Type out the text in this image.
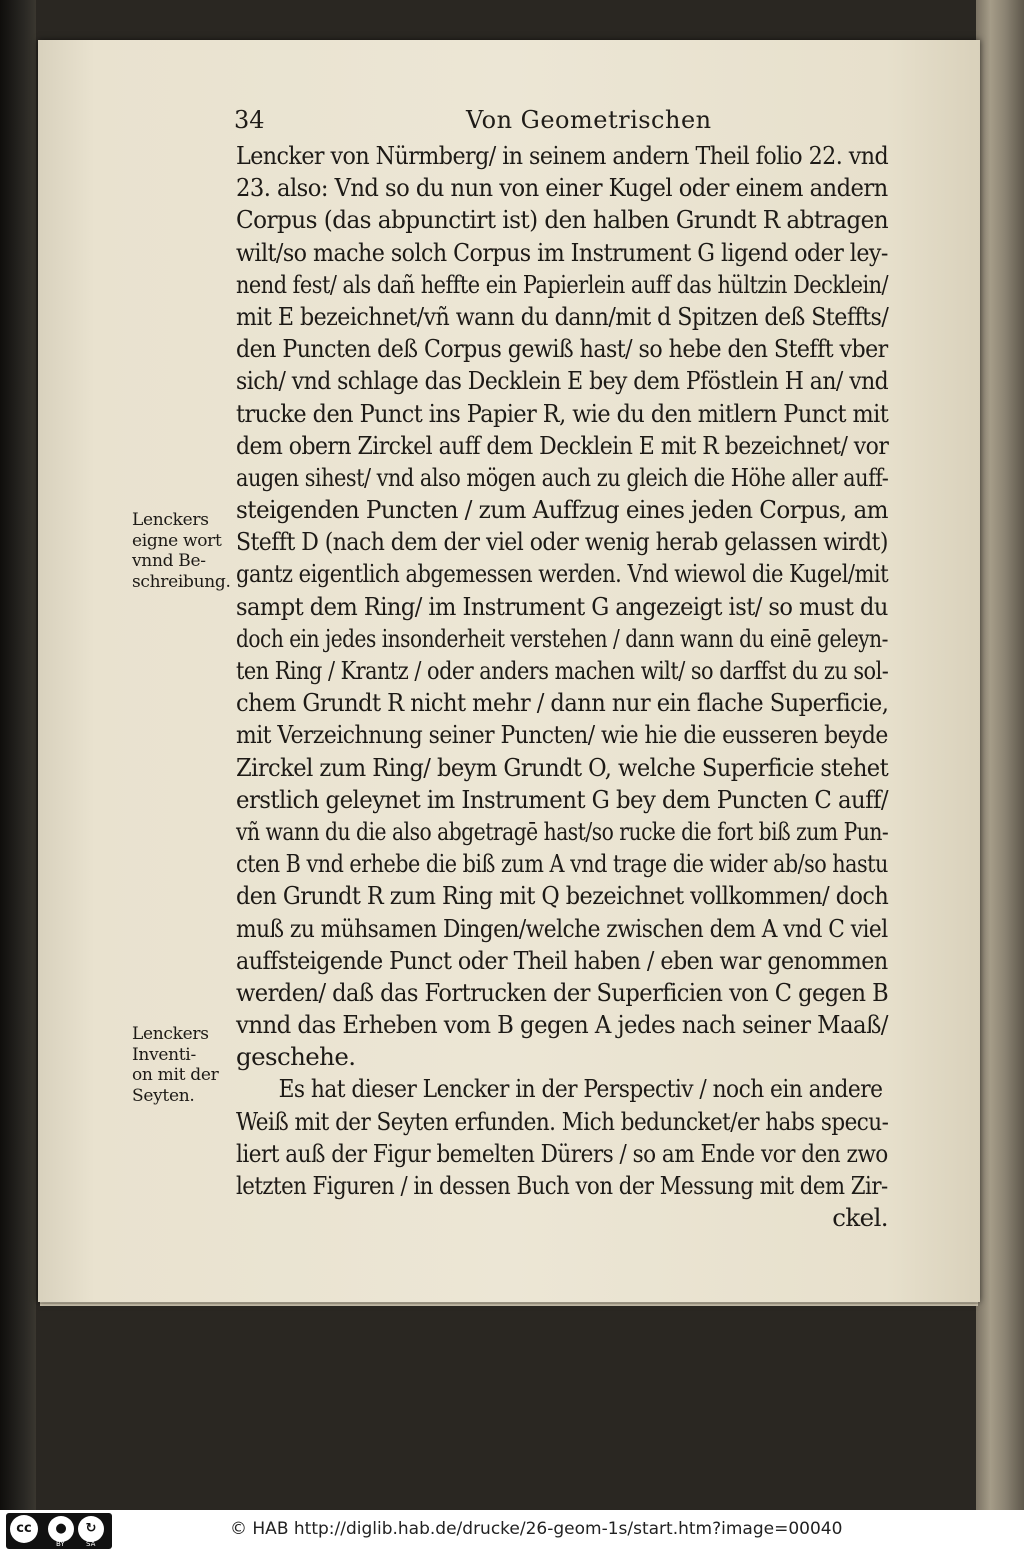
34	Von Geometrischen
Lencker von Nürmberg/ in seinem andern Theil folio 22. vnd
23. also: Vnd so du nun von einer Kugel oder einem andern
Corpus (das abpunctirt ist) den halben Grundt R abtragen
wilt/so mache solch Corpus im Instrument G ligend oder ley-
nend fest/ als dañ heffte ein Papierlein auff das hültzin Decklein/
mit E bezeichnet/vñ wann du dann/mit d Spitzen deß Steffts/
den Puncten deß Corpus gewiß hast/ so hebe den Stefft vber
sich/ vnd schlage das Decklein E bey dem Pföstlein H an/ vnd
trucke den Punct ins Papier R, wie du den mitlern Punct mit
dem obern Zirckel auff dem Decklein E mit R bezeichnet/ vor
augen sihest/ vnd also mögen auch zu gleich die Höhe aller auff-
steigenden Puncten / zum Auffzug eines jeden Corpus, am
Stefft D (nach dem der viel oder wenig herab gelassen wirdt)
gantz eigentlich abgemessen werden. Vnd wiewol die Kugel/mit
sampt dem Ring/ im Instrument G angezeigt ist/ so must du
doch ein jedes insonderheit verstehen / dann wann du einē geleyn-
ten Ring / Krantz / oder anders machen wilt/ so darffst du zu sol-
chem Grundt R nicht mehr / dann nur ein flache Superficie,
mit Verzeichnung seiner Puncten/ wie hie die eusseren beyde
Zirckel zum Ring/ beym Grundt O, welche Superficie stehet
erstlich geleynet im Instrument G bey dem Puncten C auff/
vñ wann du die also abgetragē hast/so rucke die fort biß zum Pun-
cten B vnd erhebe die biß zum A vnd trage die wider ab/so hastu
den Grundt R zum Ring mit Q bezeichnet vollkommen/ doch
muß zu mühsamen Dingen/welche zwischen dem A vnd C viel
auffsteigende Punct oder Theil haben / eben war genommen
werden/ daß das Fortrucken der Superficien von C gegen B
vnnd das Erheben vom B gegen A jedes nach seiner Maaß/
geschehe.
Es hat dieser Lencker in der Perspectiv / noch ein andere
Weiß mit der Seyten erfunden. Mich beduncket/er habs specu-
liert auß der Figur bemelten Dürers / so am Ende vor den zwo
letzten Figuren / in dessen Buch von der Messung mit dem Zir-
ckel.
Lenckers
eigne wort
vnnd Be-
schreibung.
Lenckers
Inventi-
on mit der
Seyten.
cc	●	↻
BY	SA
© HAB http://diglib.hab.de/drucke/26-geom-1s/start.htm?image=00040
